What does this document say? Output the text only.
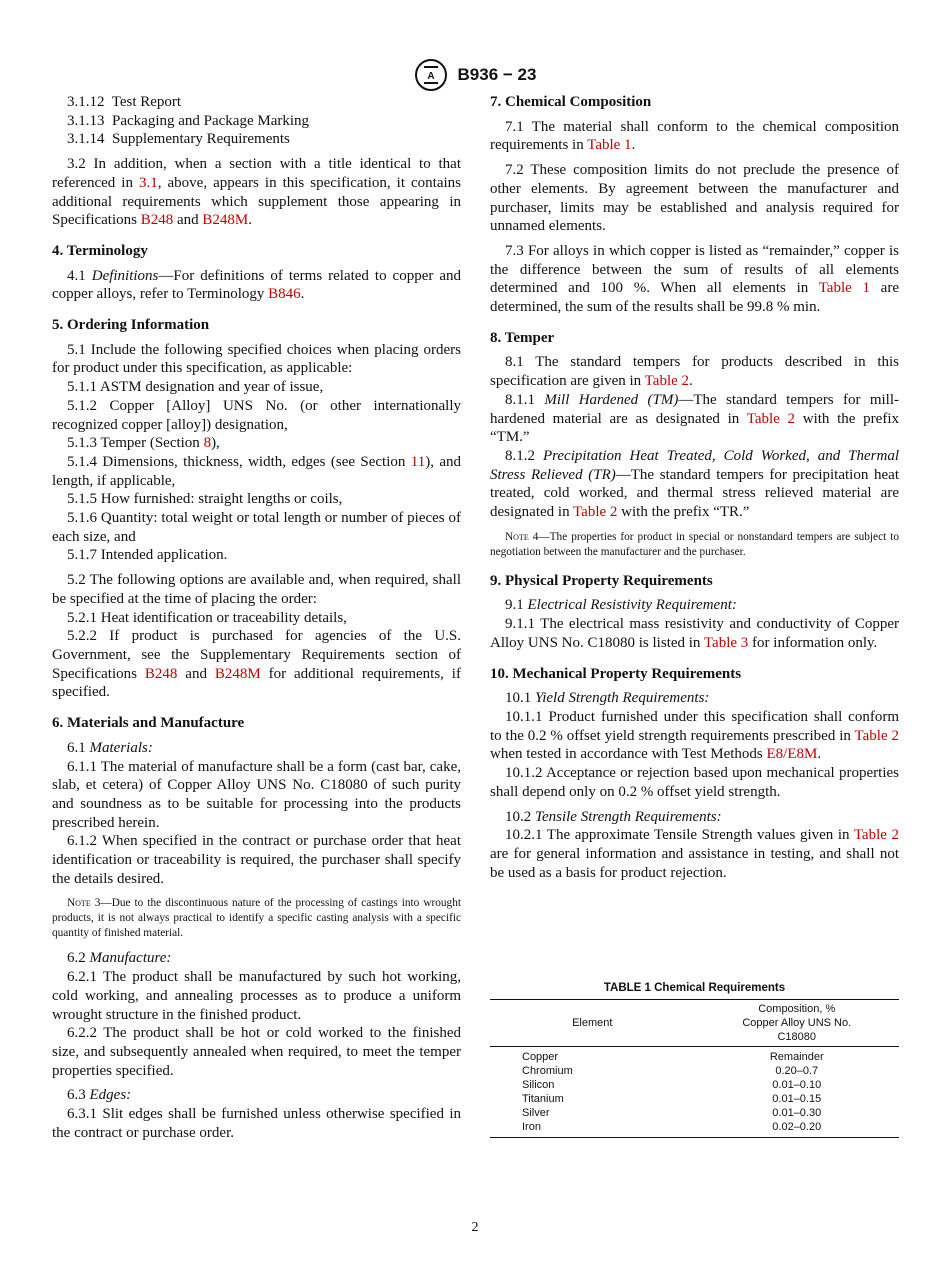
A B936 − 23

3.1.12 Test Report

3.1.13 Packaging and Package Marking

3.1.14 Supplementary Requirements

3.2 In addition, when a section with a title identical to that referenced in 3.1, above, appears in this specification, it contains additional requirements which supplement those appearing in Specifications B248 and B248M.

4. Terminology

4.1 Definitions—For definitions of terms related to copper and copper alloys, refer to Terminology B846.

5. Ordering Information

5.1 Include the following specified choices when placing orders for product under this specification, as applicable:

5.1.1 ASTM designation and year of issue,

5.1.2 Copper [Alloy] UNS No. (or other internationally recognized copper [alloy]) designation,

5.1.3 Temper (Section 8),

5.1.4 Dimensions, thickness, width, edges (see Section 11), and length, if applicable,

5.1.5 How furnished: straight lengths or coils,

5.1.6 Quantity: total weight or total length or number of pieces of each size, and

5.1.7 Intended application.

5.2 The following options are available and, when required, shall be specified at the time of placing the order:

5.2.1 Heat identification or traceability details,

5.2.2 If product is purchased for agencies of the U.S. Government, see the Supplementary Requirements section of Specifications B248 and B248M for additional requirements, if specified.

6. Materials and Manufacture

6.1 Materials:

6.1.1 The material of manufacture shall be a form (cast bar, cake, slab, et cetera) of Copper Alloy UNS No. C18080 of such purity and soundness as to be suitable for processing into the products prescribed herein.

6.1.2 When specified in the contract or purchase order that heat identification or traceability is required, the purchaser shall specify the details desired.

Note 3—Due to the discontinuous nature of the processing of castings into wrought products, it is not always practical to identify a specific casting analysis with a specific quantity of finished material.

6.2 Manufacture:

6.2.1 The product shall be manufactured by such hot working, cold working, and annealing processes as to produce a uniform wrought structure in the finished product.

6.2.2 The product shall be hot or cold worked to the finished size, and subsequently annealed when required, to meet the temper properties specified.

6.3 Edges:

6.3.1 Slit edges shall be furnished unless otherwise specified in the contract or purchase order.

7. Chemical Composition

7.1 The material shall conform to the chemical composition requirements in Table 1.

7.2 These composition limits do not preclude the presence of other elements. By agreement between the manufacturer and purchaser, limits may be established and analysis required for unnamed elements.

7.3 For alloys in which copper is listed as “remainder,” copper is the difference between the sum of results of all elements determined and 100 %. When all elements in Table 1 are determined, the sum of the results shall be 99.8 % min.

8. Temper

8.1 The standard tempers for products described in this specification are given in Table 2.

8.1.1 Mill Hardened (TM)—The standard tempers for mill-hardened material are as designated in Table 2 with the prefix “TM.”

8.1.2 Precipitation Heat Treated, Cold Worked, and Thermal Stress Relieved (TR)—The standard tempers for precipitation heat treated, cold worked, and thermal stress relieved material are designated in Table 2 with the prefix “TR.”

Note 4—The properties for product in special or nonstandard tempers are subject to negotiation between the manufacturer and the purchaser.

9. Physical Property Requirements

9.1 Electrical Resistivity Requirement:

9.1.1 The electrical mass resistivity and conductivity of Copper Alloy UNS No. C18080 is listed in Table 3 for information only.

10. Mechanical Property Requirements

10.1 Yield Strength Requirements:

10.1.1 Product furnished under this specification shall conform to the 0.2 % offset yield strength requirements prescribed in Table 2 when tested in accordance with Test Methods E8/E8M.

10.1.2 Acceptance or rejection based upon mechanical properties shall depend only on 0.2 % offset yield strength.

10.2 Tensile Strength Requirements:

10.2.1 The approximate Tensile Strength values given in Table 2 are for general information and assistance in testing, and shall not be used as a basis for product rejection.

TABLE 1 Chemical Requirements
Element	Composition, %
Copper Alloy UNS No.
C18080

Copper	Remainder
Chromium	0.20–0.7
Silicon	0.01–0.10
Titanium	0.01–0.15
Silver	0.01–0.30
Iron	0.02–0.20
2
